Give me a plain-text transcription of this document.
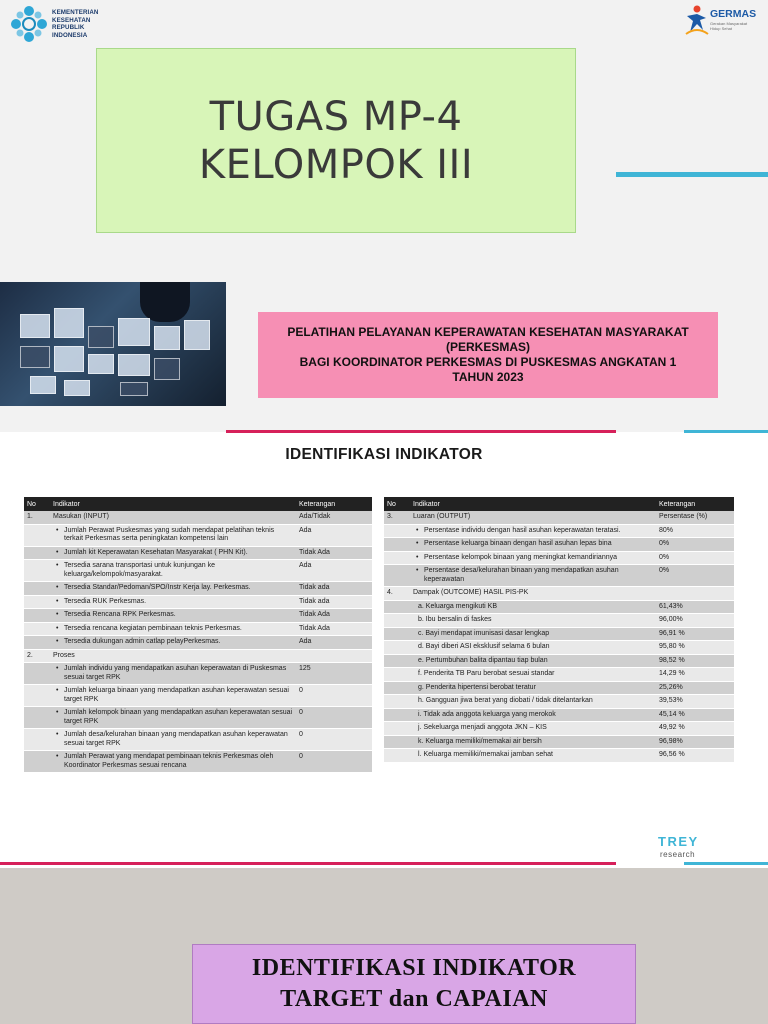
KEMENTERIAN
KESEHATAN
REPUBLIK
INDONESIA
GERMAS
Gerakan Masyarakat Hidup Sehat
TUGAS MP-4
KELOMPOK III
PELATIHAN PELAYANAN KEPERAWATAN KESEHATAN MASYARAKAT
(PERKESMAS)
BAGI KOORDINATOR PERKESMAS DI PUSKESMAS ANGKATAN 1
TAHUN 2023
IDENTIFIKASI INDIKATOR
No	Indikator	Keterangan
1.	Masukan (INPUT)	Ada/Tidak
	• Jumlah Perawat Puskesmas yang sudah mendapat pelatihan teknis terkait Perkesmas serta peningkatan kompetensi lain	Ada
	• Jumlah kit Keperawatan Kesehatan Masyarakat ( PHN Kit).	Tidak Ada
	• Tersedia sarana transportasi untuk kunjungan ke keluarga/kelompok/masyarakat.	Ada
	• Tersedia Standar/Pedoman/SPO/Instr Kerja lay. Perkesmas.	Tidak ada
	• Tersedia RUK Perkesmas.	Tidak ada
	• Tersedia Rencana RPK Perkesmas.	Tidak Ada
	• Tersedia rencana kegiatan pembinaan teknis Perkesmas.	Tidak Ada
	• Tersedia dukungan admin catlap pelayPerkesmas.	Ada
2.	Proses	
	• Jumlah individu yang mendapatkan asuhan keperawatan di Puskesmas sesuai target RPK	125
	• Jumlah keluarga binaan yang mendapatkan asuhan keperawatan sesuai target RPK	0
	• Jumlah kelompok binaan yang mendapatkan asuhan keperawatan sesuai target RPK	0
	• Jumlah desa/kelurahan binaan yang mendapatkan asuhan keperawatan sesuai target RPK	0
	• Jumlah Perawat yang mendapat pembinaan teknis Perkesmas oleh Koordinator Perkesmas sesuai rencana	0
No	Indikator	Keterangan
3.	Luaran (OUTPUT)	Persentase (%)
	• Persentase individu dengan hasil asuhan keperawatan teratasi.	80%
	• Persentase keluarga binaan dengan hasil asuhan lepas bina	0%
	• Persentase kelompok binaan yang meningkat kemandiriannya	0%
	• Persentase desa/kelurahan binaan yang mendapatkan asuhan keperawatan	0%
4.	Dampak (OUTCOME) HASIL PIS-PK	
	a. Keluarga mengikuti KB	61,43%
	b. Ibu bersalin di faskes	96,00%
	c. Bayi mendapat imunisasi dasar lengkap	96,91 %
	d. Bayi diberi ASI eksklusif selama 6 bulan	95,80 %
	e. Pertumbuhan balita dipantau tiap bulan	98,52 %
	f. Penderita TB Paru berobat sesuai standar	14,29 %
	g. Penderita hipertensi berobat teratur	25,26%
	h. Gangguan jiwa berat yang diobati / tidak ditelantarkan	39,53%
	i. Tidak ada anggota keluarga yang merokok	45,14 %
	j. Sekeluarga menjadi anggota JKN – KIS	49,92 %
	k. Keluarga memiliki/memakai air bersih	96,98%
	l. Keluarga memiliki/memakai jamban sehat	96,56 %
TREY
research
IDENTIFIKASI INDIKATOR
TARGET dan CAPAIAN
